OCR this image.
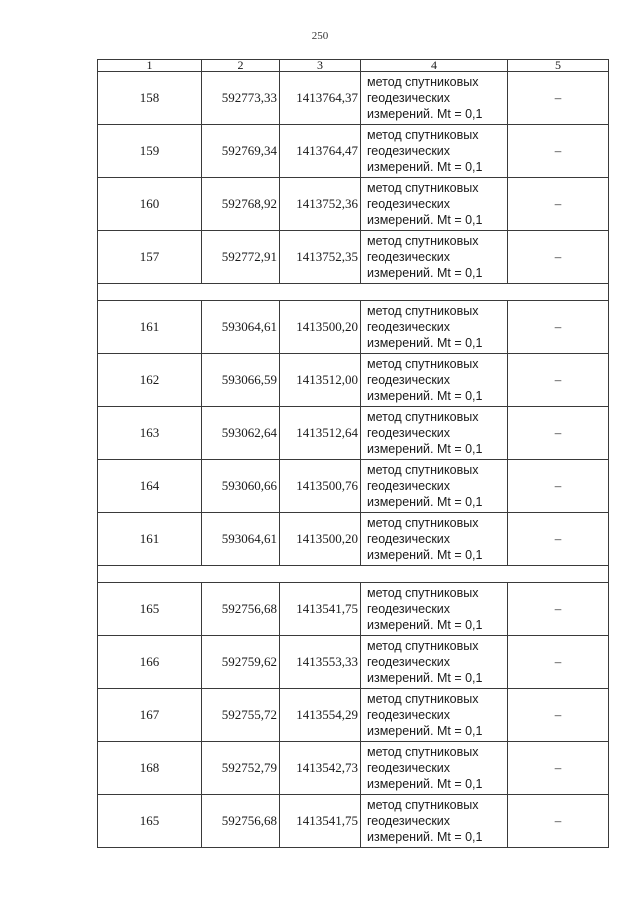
250
1	2	3	4	5
158	592773,33	1413764,37	метод спутниковых
геодезических
измерений. Mt = 0,1	–
159	592769,34	1413764,47	метод спутниковых
геодезических
измерений. Mt = 0,1	–
160	592768,92	1413752,36	метод спутниковых
геодезических
измерений. Mt = 0,1	–
157	592772,91	1413752,35	метод спутниковых
геодезических
измерений. Mt = 0,1	–

161	593064,61	1413500,20	метод спутниковых
геодезических
измерений. Mt = 0,1	–
162	593066,59	1413512,00	метод спутниковых
геодезических
измерений. Mt = 0,1	–
163	593062,64	1413512,64	метод спутниковых
геодезических
измерений. Mt = 0,1	–
164	593060,66	1413500,76	метод спутниковых
геодезических
измерений. Mt = 0,1	–
161	593064,61	1413500,20	метод спутниковых
геодезических
измерений. Mt = 0,1	–

165	592756,68	1413541,75	метод спутниковых
геодезических
измерений. Mt = 0,1	–
166	592759,62	1413553,33	метод спутниковых
геодезических
измерений. Mt = 0,1	–
167	592755,72	1413554,29	метод спутниковых
геодезических
измерений. Mt = 0,1	–
168	592752,79	1413542,73	метод спутниковых
геодезических
измерений. Mt = 0,1	–
165	592756,68	1413541,75	метод спутниковых
геодезических
измерений. Mt = 0,1	–
